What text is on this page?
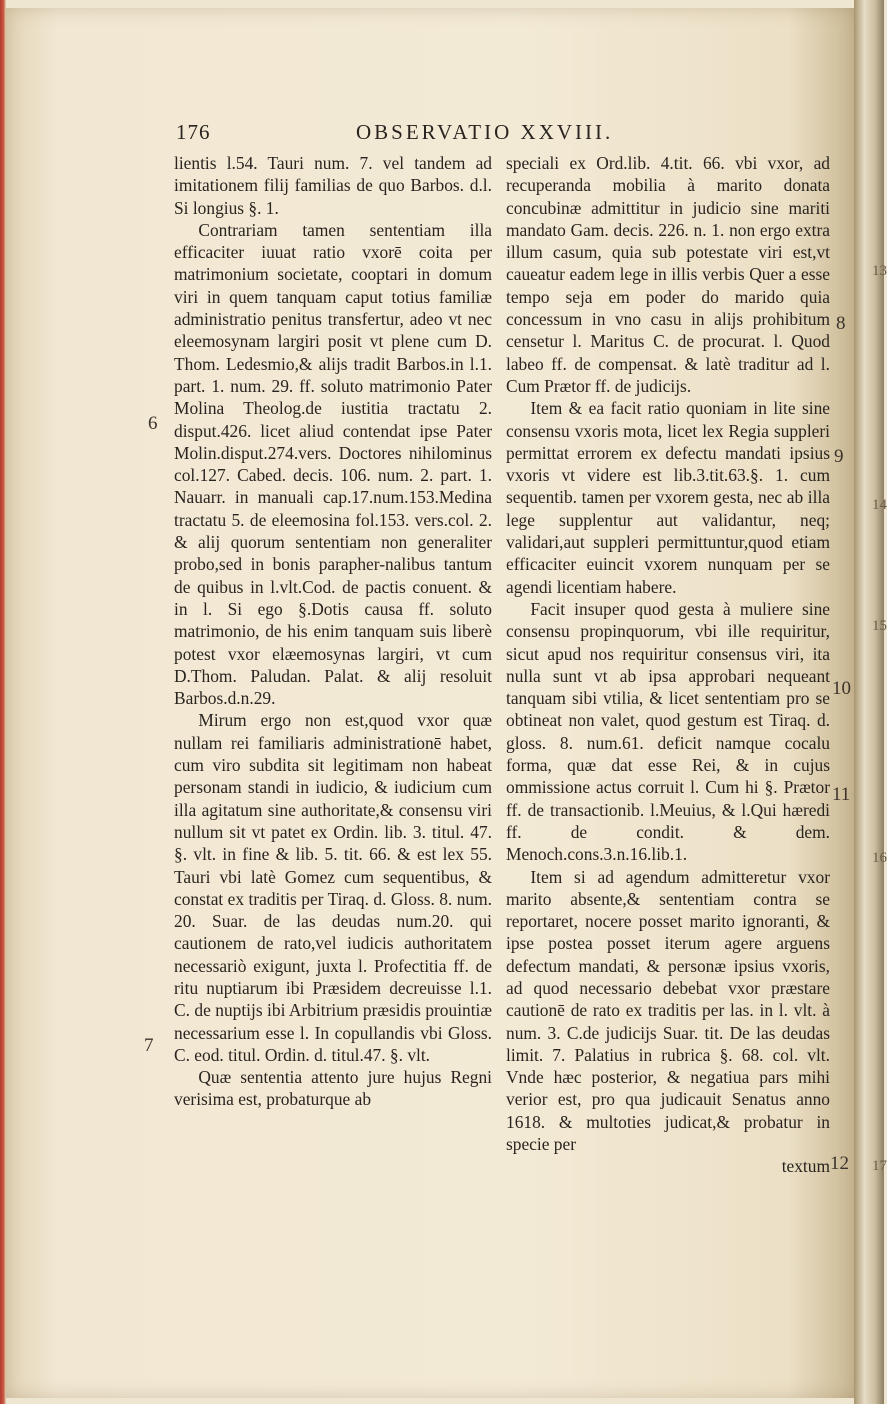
176	OBSERVATIO XXVIII.

lientis l.54. Tauri num. 7. vel tandem ad imitationem filij familias de quo Barbos. d.l. Si longius §. 1.

Contrariam tamen sententiam illa efficaciter iuuat ratio vxorē coita per matrimonium societate, cooptari in domum viri in quem tanquam caput totius familiæ administratio penitus transfertur, adeo vt nec eleemosynam largiri posit vt plene cum D. Thom. Ledesmio,& alijs tradit Barbos.in l.1. part. 1. num. 29. ff. soluto matrimonio Pater Molina Theolog.de iustitia tractatu 2. disput.426. licet aliud contendat ipse Pater Molin.disput.274.vers. Doctores nihilominus col.127. Cabed. decis. 106. num. 2. part. 1. Nauarr. in manuali cap.17.num.153.Medina tractatu 5. de eleemosina fol.153. vers.col. 2. & alij quorum sententiam non generaliter probo,sed in bonis parapher-nalibus tantum de quibus in l.vlt.Cod. de pactis conuent. & in l. Si ego §.Dotis causa ff. soluto matrimonio, de his enim tanquam suis liberè potest vxor elæemosynas largiri, vt cum D.Thom. Paludan. Palat. & alij resoluit Barbos.d.n.29.

Mirum ergo non est,quod vxor quæ nullam rei familiaris administrationē habet, cum viro subdita sit legitimam non habeat personam standi in iudicio, & iudicium cum illa agitatum sine authoritate,& consensu viri nullum sit vt patet ex Ordin. lib. 3. titul. 47. §. vlt. in fine & lib. 5. tit. 66. & est lex 55. Tauri vbi latè Gomez cum sequentibus, & constat ex traditis per Tiraq. d. Gloss. 8. num. 20. Suar. de las deudas num.20. qui cautionem de rato,vel iudicis authoritatem necessariò exigunt, juxta l. Profectitia ff. de ritu nuptiarum ibi Præsidem decreuisse l.1. C. de nuptijs ibi Arbitrium præsidis prouintiæ necessarium esse l. In copullandis vbi Gloss. C. eod. titul. Ordin. d. titul.47. §. vlt.

Quæ sententia attento jure hujus Regni verisima est, probaturque ab

speciali ex Ord.lib. 4.tit. 66. vbi vxor, ad recuperanda mobilia à marito donata concubinæ admittitur in judicio sine mariti mandato Gam. decis. 226. n. 1. non ergo extra illum casum, quia sub potestate viri est,vt caueatur eadem lege in illis verbis Quer a esse tempo seja em poder do marido quia concessum in vno casu in alijs prohibitum censetur l. Maritus C. de procurat. l. Quod labeo ff. de compensat. & latè traditur ad l. Cum Prætor ff. de judicijs.

Item & ea facit ratio quoniam in lite sine consensu vxoris mota, licet lex Regia suppleri permittat errorem ex defectu mandati ipsius vxoris vt videre est lib.3.tit.63.§. 1. cum sequentib. tamen per vxorem gesta, nec ab illa lege supplentur aut validantur, neq; validari,aut suppleri permittuntur,quod etiam efficaciter euincit vxorem nunquam per se agendi licentiam habere.

Facit insuper quod gesta à muliere sine consensu propinquorum, vbi ille requiritur, sicut apud nos requiritur consensus viri, ita nulla sunt vt ab ipsa approbari nequeant tanquam sibi vtilia, & licet sententiam pro se obtineat non valet, quod gestum est Tiraq. d. gloss. 8. num.61. deficit namque cocalu forma, quæ dat esse Rei, & in cujus ommissione actus corruit l. Cum hi §. Prætor ff. de transactionib. l.Meuius, & l.Qui hæredi ff. de condit. & dem. Menoch.cons.3.n.16.lib.1.

Item si ad agendum admitteretur vxor marito absente,& sententiam contra se reportaret, nocere posset marito ignoranti, & ipse postea posset iterum agere arguens defectum mandati, & personæ ipsius vxoris, ad quod necessario debebat vxor præstare cautionē de rato ex traditis per las. in l. vlt. à num. 3. C.de judicijs Suar. tit. De las deudas limit. 7. Palatius in rubrica §. 68. col. vlt. Vnde hæc posterior, & negatiua pars mihi verior est, pro qua judicauit Senatus anno 1618. & multoties judicat,& probatur in specie per

textum

6
7
8
9
10
11
12
13
14
15
16
17
